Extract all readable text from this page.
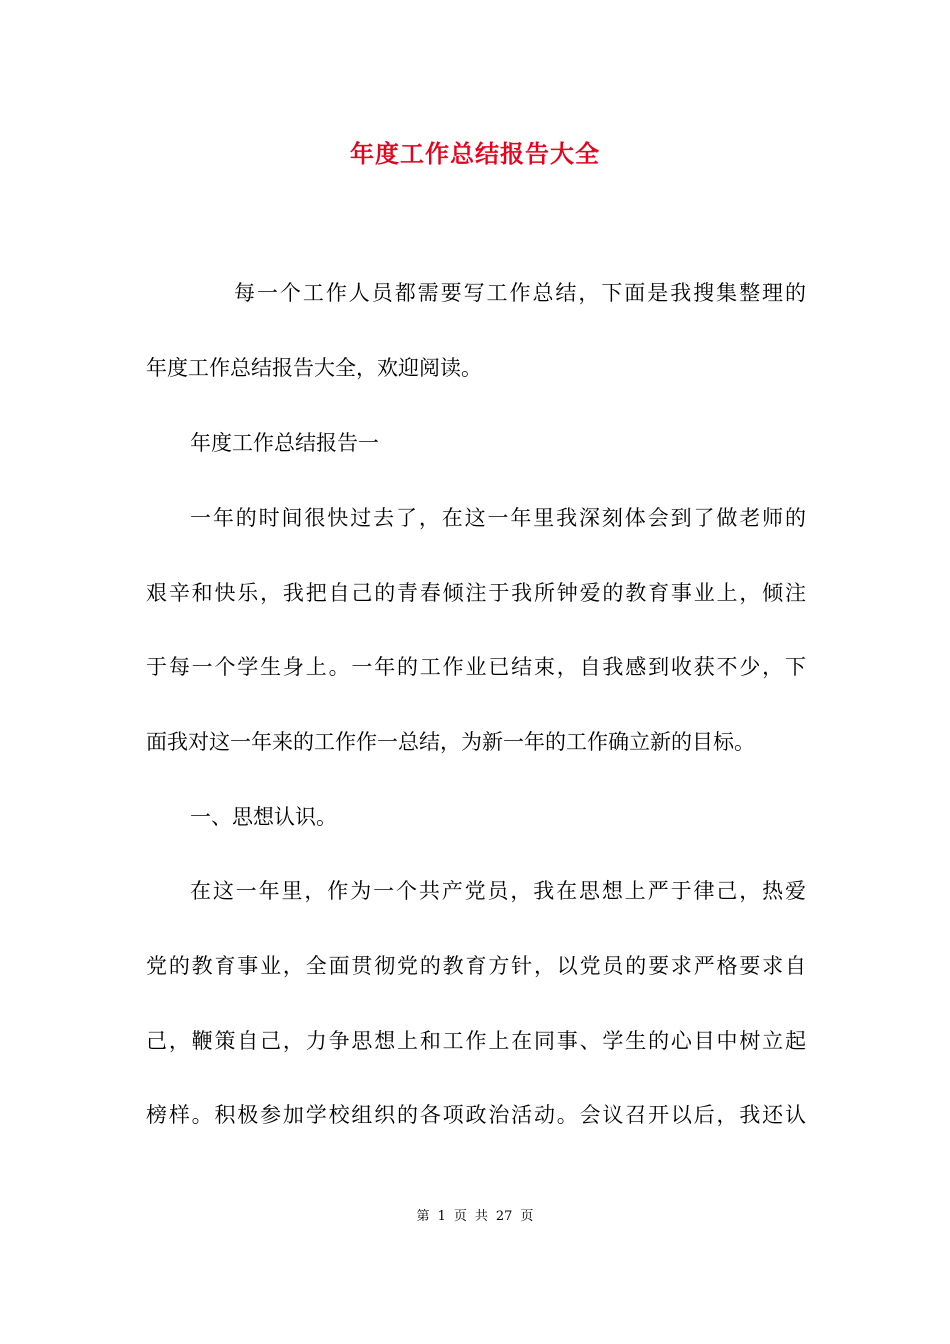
年度工作总结报告大全
每一个工作人员都需要写工作总结，下面是我搜集整理的
年度工作总结报告大全，欢迎阅读。
年度工作总结报告一
一年的时间很快过去了，在这一年里我深刻体会到了做老师的
艰辛和快乐，我把自己的青春倾注于我所钟爱的教育事业上，倾注
于每一个学生身上。一年的工作业已结束，自我感到收获不少，下
面我对这一年来的工作作一总结，为新一年的工作确立新的目标。
一、思想认识。
在这一年里，作为一个共产党员，我在思想上严于律己，热爱
党的教育事业，全面贯彻党的教育方针，以党员的要求严格要求自
己，鞭策自己，力争思想上和工作上在同事、学生的心目中树立起
榜样。积极参加学校组织的各项政治活动。会议召开以后，我还认
第 1 页 共 27 页
